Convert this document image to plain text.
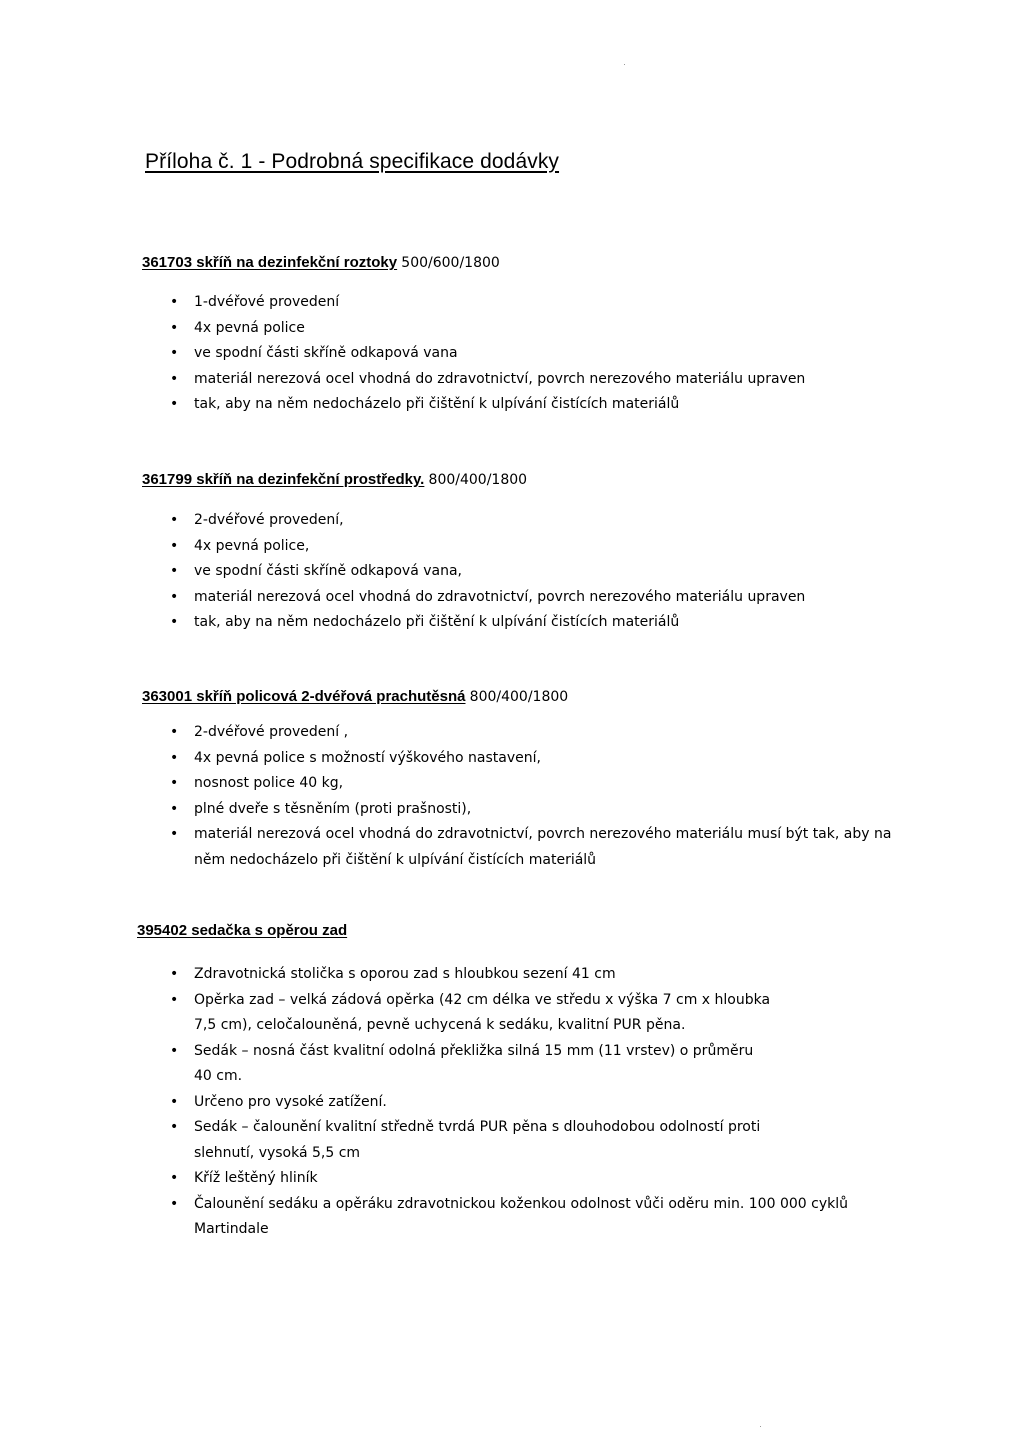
Příloha č. 1 - Podrobná specifikace dodávky

361703 skříň na dezinfekční roztoky 500/600/1800

• 1-dvéřové provedení
• 4x pevná police
• ve spodní části skříně odkapová vana
• materiál nerezová ocel vhodná do zdravotnictví, povrch nerezového materiálu upraven
• tak, aby na něm nedocházelo při čištění k ulpívání čistících materiálů

361799 skříň na dezinfekční prostředky. 800/400/1800

• 2-dvéřové provedení,
• 4x pevná police,
• ve spodní části skříně odkapová vana,
• materiál nerezová ocel vhodná do zdravotnictví, povrch nerezového materiálu upraven
• tak, aby na něm nedocházelo při čištění k ulpívání čistících materiálů

363001 skříň policová 2-dvéřová prachutěsná 800/400/1800

• 2-dvéřové provedení ,
• 4x pevná police s možností výškového nastavení,
• nosnost police 40 kg,
• plné dveře s těsněním (proti prašnosti),
• materiál nerezová ocel vhodná do zdravotnictví, povrch nerezového materiálu musí být tak, aby na něm nedocházelo při čištění k ulpívání čistících materiálů

395402 sedačka s opěrou zad

• Zdravotnická stolička s oporou zad s hloubkou sezení 41 cm
• Opěrka zad – velká zádová opěrka (42 cm délka ve středu x výška 7 cm x hloubka 7,5 cm), celočalouněná, pevně uchycená k sedáku, kvalitní PUR pěna.
• Sedák – nosná část kvalitní odolná překližka silná 15 mm (11 vrstev) o průměru 40 cm.
• Určeno pro vysoké zatížení.
• Sedák – čalounění kvalitní středně tvrdá PUR pěna s dlouhodobou odolností proti slehnutí, vysoká 5,5 cm
• Kříž leštěný hliník
• Čalounění sedáku a opěráku zdravotnickou koženkou odolnost vůči oděru min. 100 000 cyklů Martindale
